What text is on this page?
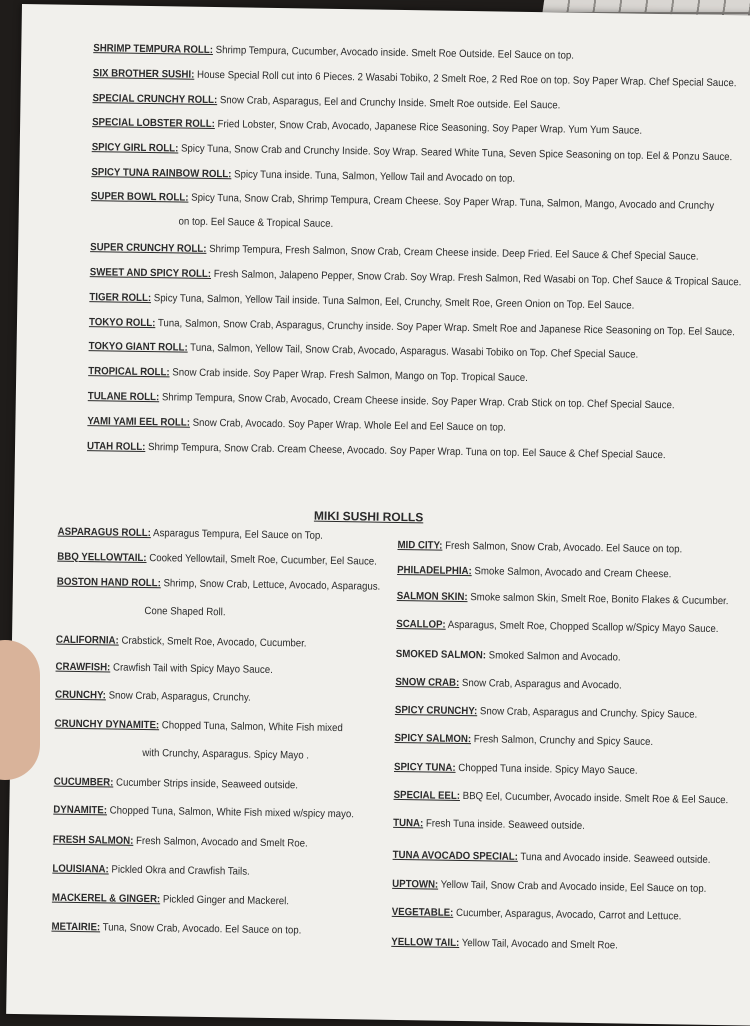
SHRIMP TEMPURA ROLL: Shrimp Tempura, Cucumber, Avocado inside. Smelt Roe Outside. Eel Sauce on top.
SIX BROTHER SUSHI: House Special Roll cut into 6 Pieces. 2 Wasabi Tobiko, 2 Smelt Roe, 2 Red Roe on top. Soy Paper Wrap. Chef Special Sauce.
SPECIAL CRUNCHY ROLL: Snow Crab, Asparagus, Eel and Crunchy Inside. Smelt Roe outside. Eel Sauce.
SPECIAL LOBSTER ROLL: Fried Lobster, Snow Crab, Avocado, Japanese Rice Seasoning. Soy Paper Wrap. Yum Yum Sauce.
SPICY GIRL ROLL: Spicy Tuna, Snow Crab and Crunchy Inside. Soy Wrap. Seared White Tuna, Seven Spice Seasoning on top. Eel & Ponzu Sauce.
SPICY TUNA RAINBOW ROLL: Spicy Tuna inside. Tuna, Salmon, Yellow Tail and Avocado on top.
SUPER BOWL ROLL: Spicy Tuna, Snow Crab, Shrimp Tempura, Cream Cheese. Soy Paper Wrap. Tuna, Salmon, Mango, Avocado and Crunchy
on top. Eel Sauce & Tropical Sauce.
SUPER CRUNCHY ROLL: Shrimp Tempura, Fresh Salmon, Snow Crab, Cream Cheese inside. Deep Fried. Eel Sauce & Chef Special Sauce.
SWEET AND SPICY ROLL: Fresh Salmon, Jalapeno Pepper, Snow Crab. Soy Wrap. Fresh Salmon, Red Wasabi on Top. Chef Sauce & Tropical Sauce.
TIGER ROLL: Spicy Tuna, Salmon, Yellow Tail inside. Tuna Salmon, Eel, Crunchy, Smelt Roe, Green Onion on Top. Eel Sauce.
TOKYO ROLL: Tuna, Salmon, Snow Crab, Asparagus, Crunchy inside. Soy Paper Wrap. Smelt Roe and Japanese Rice Seasoning on Top. Eel Sauce.
TOKYO GIANT ROLL: Tuna, Salmon, Yellow Tail, Snow Crab, Avocado, Asparagus. Wasabi Tobiko on Top. Chef Special Sauce.
TROPICAL ROLL: Snow Crab inside. Soy Paper Wrap. Fresh Salmon, Mango on Top. Tropical Sauce.
TULANE ROLL: Shrimp Tempura, Snow Crab, Avocado, Cream Cheese inside. Soy Paper Wrap. Crab Stick on top. Chef Special Sauce.
YAMI YAMI EEL ROLL: Snow Crab, Avocado. Soy Paper Wrap. Whole Eel and Eel Sauce on top.
UTAH ROLL: Shrimp Tempura, Snow Crab. Cream Cheese, Avocado. Soy Paper Wrap. Tuna on top. Eel Sauce & Chef Special Sauce.
MIKI SUSHI ROLLS
ASPARAGUS ROLL: Asparagus Tempura, Eel Sauce on Top.
BBQ YELLOWTAIL: Cooked Yellowtail, Smelt Roe, Cucumber, Eel Sauce.
BOSTON HAND ROLL: Shrimp, Snow Crab, Lettuce, Avocado, Asparagus.
Cone Shaped Roll.
CALIFORNIA: Crabstick, Smelt Roe, Avocado, Cucumber.
CRAWFISH: Crawfish Tail with Spicy Mayo Sauce.
CRUNCHY: Snow Crab, Asparagus, Crunchy.
CRUNCHY DYNAMITE: Chopped Tuna, Salmon, White Fish mixed
with Crunchy, Asparagus. Spicy Mayo .
CUCUMBER: Cucumber Strips inside, Seaweed outside.
DYNAMITE: Chopped Tuna, Salmon, White Fish mixed w/spicy mayo.
FRESH SALMON: Fresh Salmon, Avocado and Smelt Roe.
LOUISIANA: Pickled Okra and Crawfish Tails.
MACKEREL & GINGER: Pickled Ginger and Mackerel.
METAIRIE: Tuna, Snow Crab, Avocado. Eel Sauce on top.
MID CITY: Fresh Salmon, Snow Crab, Avocado. Eel Sauce on top.
PHILADELPHIA: Smoke Salmon, Avocado and Cream Cheese.
SALMON SKIN: Smoke salmon Skin, Smelt Roe, Bonito Flakes & Cucumber.
SCALLOP: Asparagus, Smelt Roe, Chopped Scallop w/Spicy Mayo Sauce.
SMOKED SALMON: Smoked Salmon and Avocado.
SNOW CRAB: Snow Crab, Asparagus and Avocado.
SPICY CRUNCHY: Snow Crab, Asparagus and Crunchy. Spicy Sauce.
SPICY SALMON: Fresh Salmon, Crunchy and Spicy Sauce.
SPICY TUNA: Chopped Tuna inside. Spicy Mayo Sauce.
SPECIAL EEL: BBQ Eel, Cucumber, Avocado inside. Smelt Roe & Eel Sauce.
TUNA: Fresh Tuna inside. Seaweed outside.
TUNA AVOCADO SPECIAL: Tuna and Avocado inside. Seaweed outside.
UPTOWN: Yellow Tail, Snow Crab and Avocado inside, Eel Sauce on top.
VEGETABLE: Cucumber, Asparagus, Avocado, Carrot and Lettuce.
YELLOW TAIL: Yellow Tail, Avocado and Smelt Roe.
